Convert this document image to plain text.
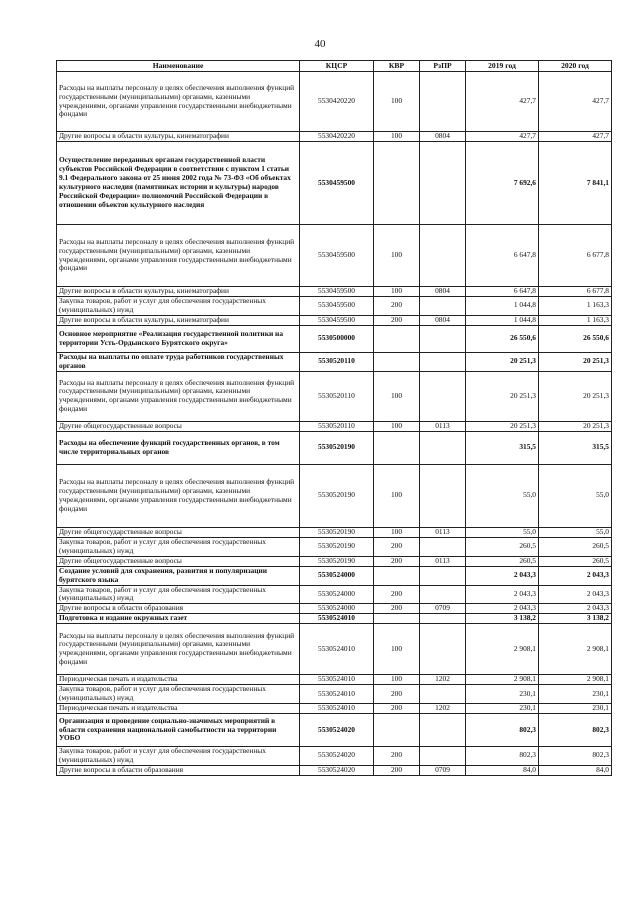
40
Наименование	КЦСР	КВР	РзПР	2019 год	2020 год
Расходы на выплаты персоналу в целях обеспечения выполнения функций государственными (муниципальными) органами, казенными учреждениями, органами управления государственными внебюджетными фондами	5530420220	100		427,7	427,7
Другие вопросы в области культуры, кинематографии	5530420220	100	0804	427,7	427,7
Осуществление переданных органам государственной власти субъектов Российской Федерации в соответствии с пунктом 1 статьи 9.1 Федерального закона от 25 июня 2002 года № 73-ФЗ «Об объектах культурного наследия (памятниках истории и культуры) народов Российской Федерации» полномочий Российской Федерации в отношении объектов культурного наследия	5530459500			7 692,6	7 841,1
Расходы на выплаты персоналу в целях обеспечения выполнения функций государственными (муниципальными) органами, казенными учреждениями, органами управления государственными внебюджетными фондами	5530459500	100		6 647,8	6 677,8
Другие вопросы в области культуры, кинематографии	5530459500	100	0804	6 647,8	6 677,8
Закупка товаров, работ и услуг для обеспечения государственных (муниципальных) нужд	5530459500	200		1 044,8	1 163,3
Другие вопросы в области культуры, кинематографии	5530459500	200	0804	1 044,8	1 163,3
Основное мероприятие «Реализация государственной политики на территории Усть-Ордынского Бурятского округа»	5530500000			26 550,6	26 550,6
Расходы на выплаты по оплате труда работников государственных органов	5530520110			20 251,3	20 251,3
Расходы на выплаты персоналу в целях обеспечения выполнения функций государственными (муниципальными) органами, казенными учреждениями, органами управления государственными внебюджетными фондами	5530520110	100		20 251,3	20 251,3
Другие общегосударственные вопросы	5530520110	100	0113	20 251,3	20 251,3
Расходы на обеспечение функций государственных органов, в том числе территориальных органов	5530520190			315,5	315,5
Расходы на выплаты персоналу в целях обеспечения выполнения функций государственными (муниципальными) органами, казенными учреждениями, органами управления государственными внебюджетными фондами	5530520190	100		55,0	55,0
Другие общегосударственные вопросы	5530520190	100	0113	55,0	55,0
Закупка товаров, работ и услуг для обеспечения государственных (муниципальных) нужд	5530520190	200		260,5	260,5
Другие общегосударственные вопросы	5530520190	200	0113	260,5	260,5
Создание условий для сохранения, развития и популяризации бурятского языка	5530524000			2 043,3	2 043,3
Закупка товаров, работ и услуг для обеспечения государственных (муниципальных) нужд	5530524000	200		2 043,3	2 043,3
Другие вопросы в области образования	5530524000	200	0709	2 043,3	2 043,3
Подготовка и издание окружных газет	5530524010			3 138,2	3 138,2
Расходы на выплаты персоналу в целях обеспечения выполнения функций государственными (муниципальными) органами, казенными учреждениями, органами управления государственными внебюджетными фондами	5530524010	100		2 908,1	2 908,1
Периодическая печать и издательства	5530524010	100	1202	2 908,1	2 908,1
Закупка товаров, работ и услуг для обеспечения государственных (муниципальных) нужд	5530524010	200		230,1	230,1
Периодическая печать и издательства	5530524010	200	1202	230,1	230,1
Организация и проведение социально-значимых мероприятий в области сохранения национальной самобытности на территории УОБО	5530524020			802,3	802,3
Закупка товаров, работ и услуг для обеспечения государственных (муниципальных) нужд	5530524020	200		802,3	802,3
Другие вопросы в области образования	5530524020	200	0709	84,0	84,0
